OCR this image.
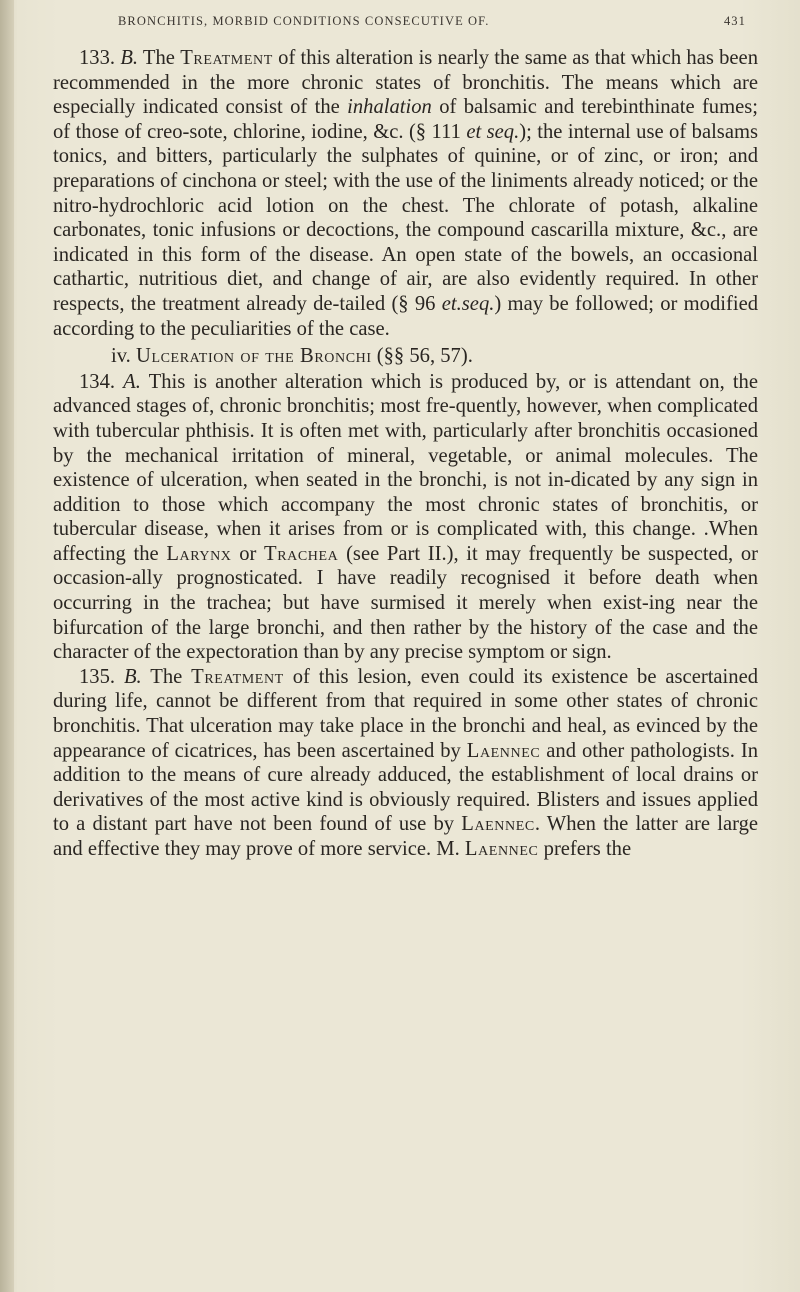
BRONCHITIS, MORBID CONDITIONS CONSECUTIVE OF.	431

133. B. The Treatment of this alteration is nearly the same as that which has been recommended in the more chronic states of bronchitis. The means which are especially indicated consist of the inhalation of balsamic and terebinthinate fumes; of those of creo-sote, chlorine, iodine, &c. (§ 111 et seq.); the internal use of balsams tonics, and bitters, particularly the sulphates of quinine, or of zinc, or iron; and preparations of cinchona or steel; with the use of the liniments already noticed; or the nitro-hydrochloric acid lotion on the chest. The chlorate of potash, alkaline carbonates, tonic infusions or decoctions, the compound cascarilla mixture, &c., are indicated in this form of the disease. An open state of the bowels, an occasional cathartic, nutritious diet, and change of air, are also evidently required. In other respects, the treatment already de-tailed (§ 96 et.seq.) may be followed; or modified according to the peculiarities of the case.

iv. Ulceration of the Bronchi (§§ 56, 57).

134. A. This is another alteration which is produced by, or is attendant on, the advanced stages of, chronic bronchitis; most fre-quently, however, when complicated with tubercular phthisis. It is often met with, particularly after bronchitis occasioned by the mechanical irritation of mineral, vegetable, or animal molecules. The existence of ulceration, when seated in the bronchi, is not in-dicated by any sign in addition to those which accompany the most chronic states of bronchitis, or tubercular disease, when it arises from or is complicated with, this change. .When affecting the Larynx or Trachea (see Part II.), it may frequently be suspected, or occasion-ally prognosticated. I have readily recognised it before death when occurring in the trachea; but have surmised it merely when exist-ing near the bifurcation of the large bronchi, and then rather by the history of the case and the character of the expectoration than by any precise symptom or sign.

135. B. The Treatment of this lesion, even could its existence be ascertained during life, cannot be different from that required in some other states of chronic bronchitis. That ulceration may take place in the bronchi and heal, as evinced by the appearance of cicatrices, has been ascertained by Laennec and other pathologists. In addition to the means of cure already adduced, the establishment of local drains or derivatives of the most active kind is obviously required. Blisters and issues applied to a distant part have not been found of use by Laennec. When the latter are large and effective they may prove of more service. M. Laennec prefers the
